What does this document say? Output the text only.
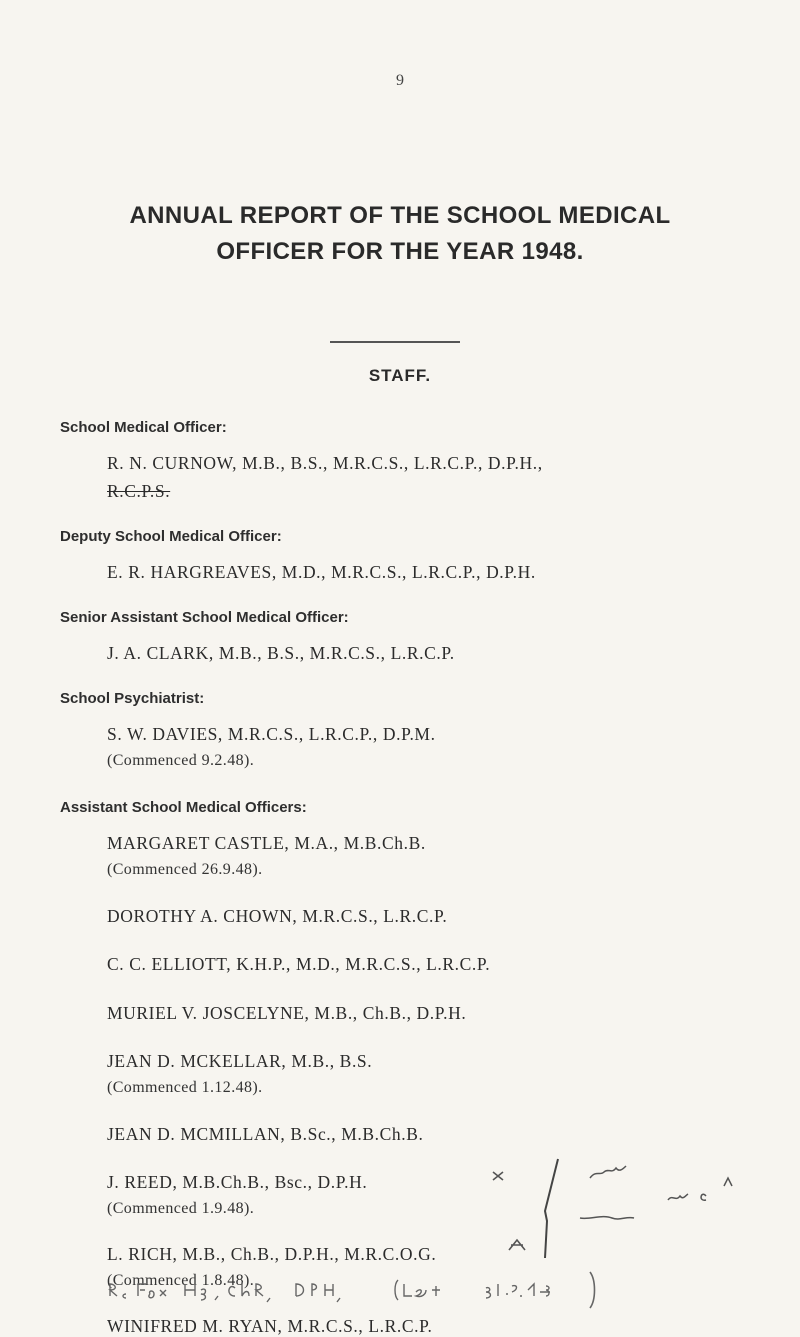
9
ANNUAL REPORT OF THE SCHOOL MEDICAL
OFFICER FOR THE YEAR 1948.
STAFF.
School Medical Officer:
R. N. CURNOW, M.B., B.S., M.R.C.S., L.R.C.P., D.P.H.,
R.C.P.S.
Deputy School Medical Officer:
E. R. HARGREAVES, M.D., M.R.C.S., L.R.C.P., D.P.H.
Senior Assistant School Medical Officer:
J. A. CLARK, M.B., B.S., M.R.C.S., L.R.C.P.
School Psychiatrist:
S. W. DAVIES, M.R.C.S., L.R.C.P., D.P.M.
(Commenced 9.2.48).
Assistant School Medical Officers:
MARGARET CASTLE, M.A., M.B.Ch.B.
(Commenced 26.9.48).
DOROTHY A. CHOWN, M.R.C.S., L.R.C.P.
C. C. ELLIOTT, K.H.P., M.D., M.R.C.S., L.R.C.P.
MURIEL V. JOSCELYNE, M.B., Ch.B., D.P.H.
JEAN D. MCKELLAR, M.B., B.S.
(Commenced 1.12.48).
JEAN D. MCMILLAN, B.Sc., M.B.Ch.B.
J. REED, M.B.Ch.B., Bsc., D.P.H.
(Commenced 1.9.48).
L. RICH, M.B., Ch.B., D.P.H., M.R.C.O.G.
(Commenced 1.8.48).
WINIFRED M. RYAN, M.R.C.S., L.R.C.P.
